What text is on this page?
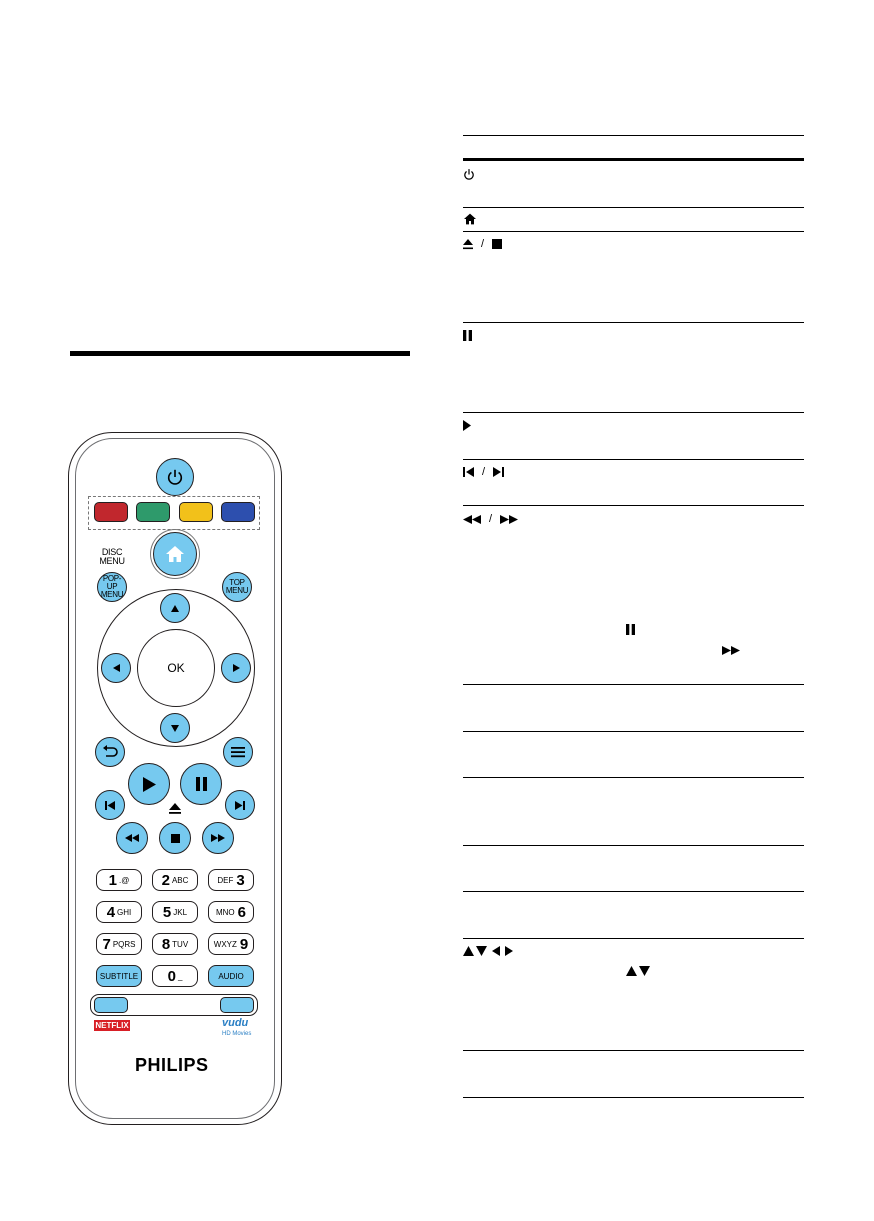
DISC
MENU
POP-UP
MENU
TOP
MENU
OK
1 .@ 2 ABC	DEF 3
4 GHI 5 JKL	MNO 6
7 PQRS 8 TUV	WXYZ 9
SUBTITLE 0 _	AUDIO
NETFLIX	vudu
HD Movies
PHILIPS
/
/
/
